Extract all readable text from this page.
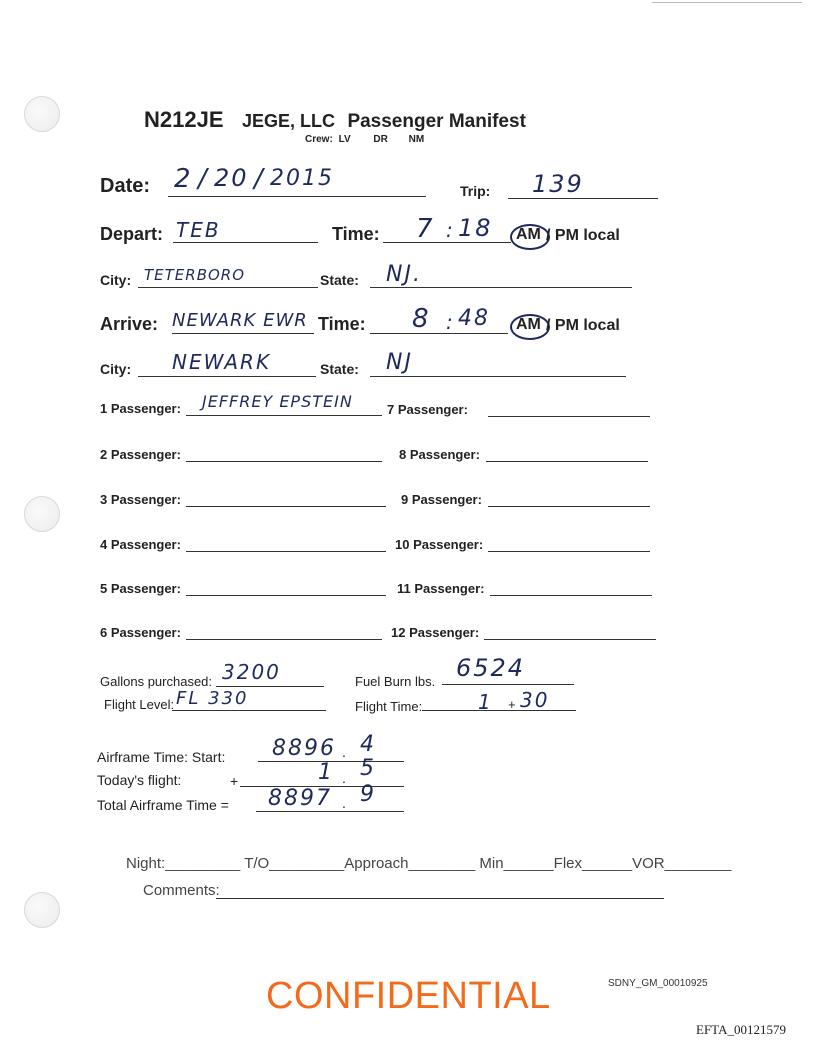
N212JE JEGE, LLC Passenger Manifest
Crew: LV DR NM
Date: 2 / 20 / 2015	Trip: 139
Depart: TEB	Time: 7 : 18 AM / PM local
City: TETERBORO	State: NJ.
Arrive: NEWARK EWR Time: 8 : 48 AM / PM local
City: NEWARK	State: NJ
1 Passenger: JEFFREY EPSTEIN
2 Passenger:
3 Passenger:
4 Passenger:
5 Passenger:
6 Passenger:
7 Passenger:
8 Passenger:
9 Passenger:
10 Passenger:
11 Passenger:
12 Passenger:
Gallons purchased: 3200	Fuel Burn lbs. 6524
Flight Level: FL 330	Flight Time:	1 + 30
Airframe Time: Start: 8896 . 4
Today's flight:	+	1 . 5
Total Airframe Time = 8897 . 9
Night:_________ T/O_________Approach________ Min______Flex______VOR________
Comments:
SDNY_GM_00010925
CONFIDENTIAL
EFTA_00121579
